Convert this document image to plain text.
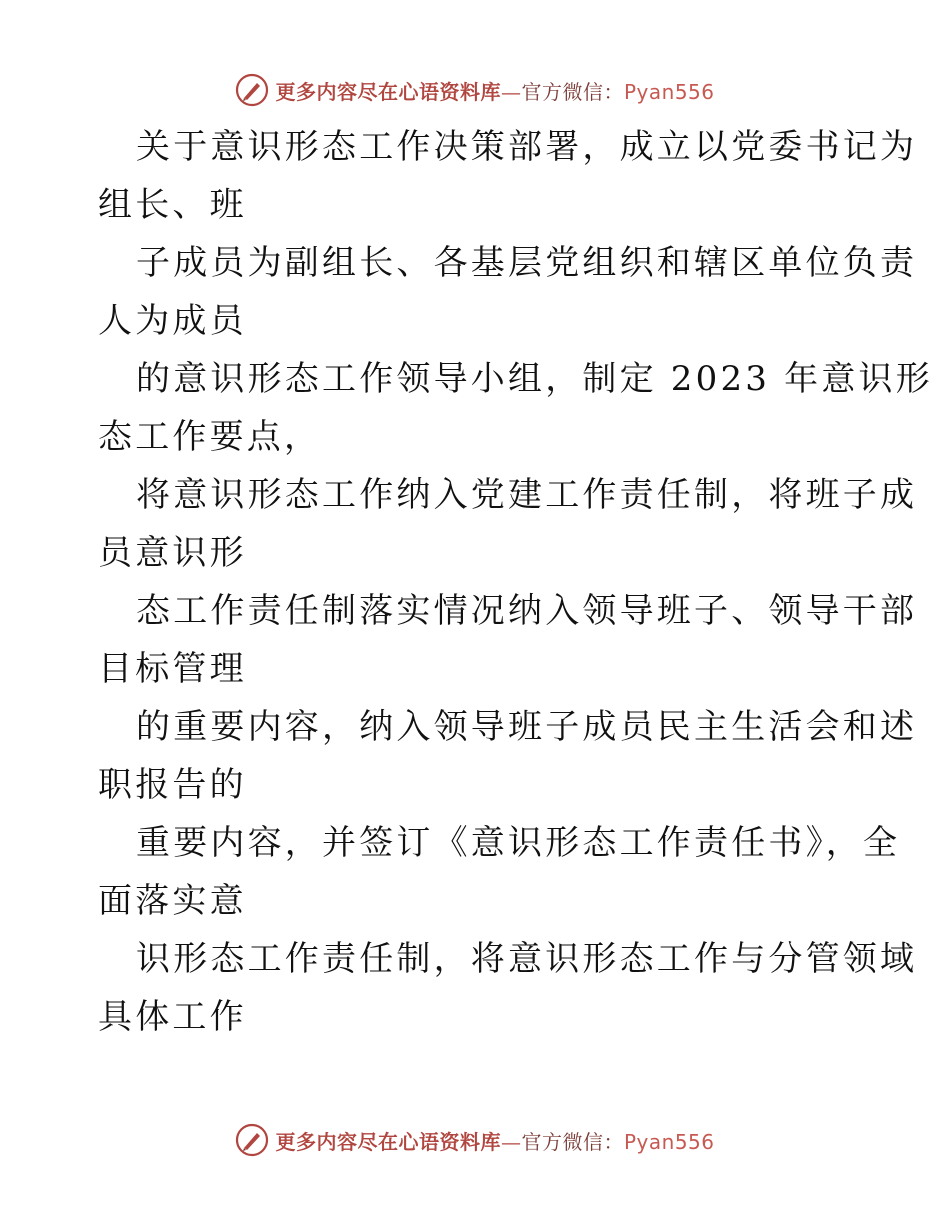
更多内容尽在心语资料库—官方微信：Pyan556

关于意识形态工作决策部署，成立以党委书记为

组长、班

子成员为副组长、各基层党组织和辖区单位负责

人为成员

的意识形态工作领导小组，制定 2023 年意识形

态工作要点，

将意识形态工作纳入党建工作责任制，将班子成

员意识形

态工作责任制落实情况纳入领导班子、领导干部

目标管理

的重要内容，纳入领导班子成员民主生活会和述

职报告的

重要内容，并签订《意识形态工作责任书》，全

面落实意

识形态工作责任制，将意识形态工作与分管领域

具体工作

更多内容尽在心语资料库—官方微信：Pyan556
